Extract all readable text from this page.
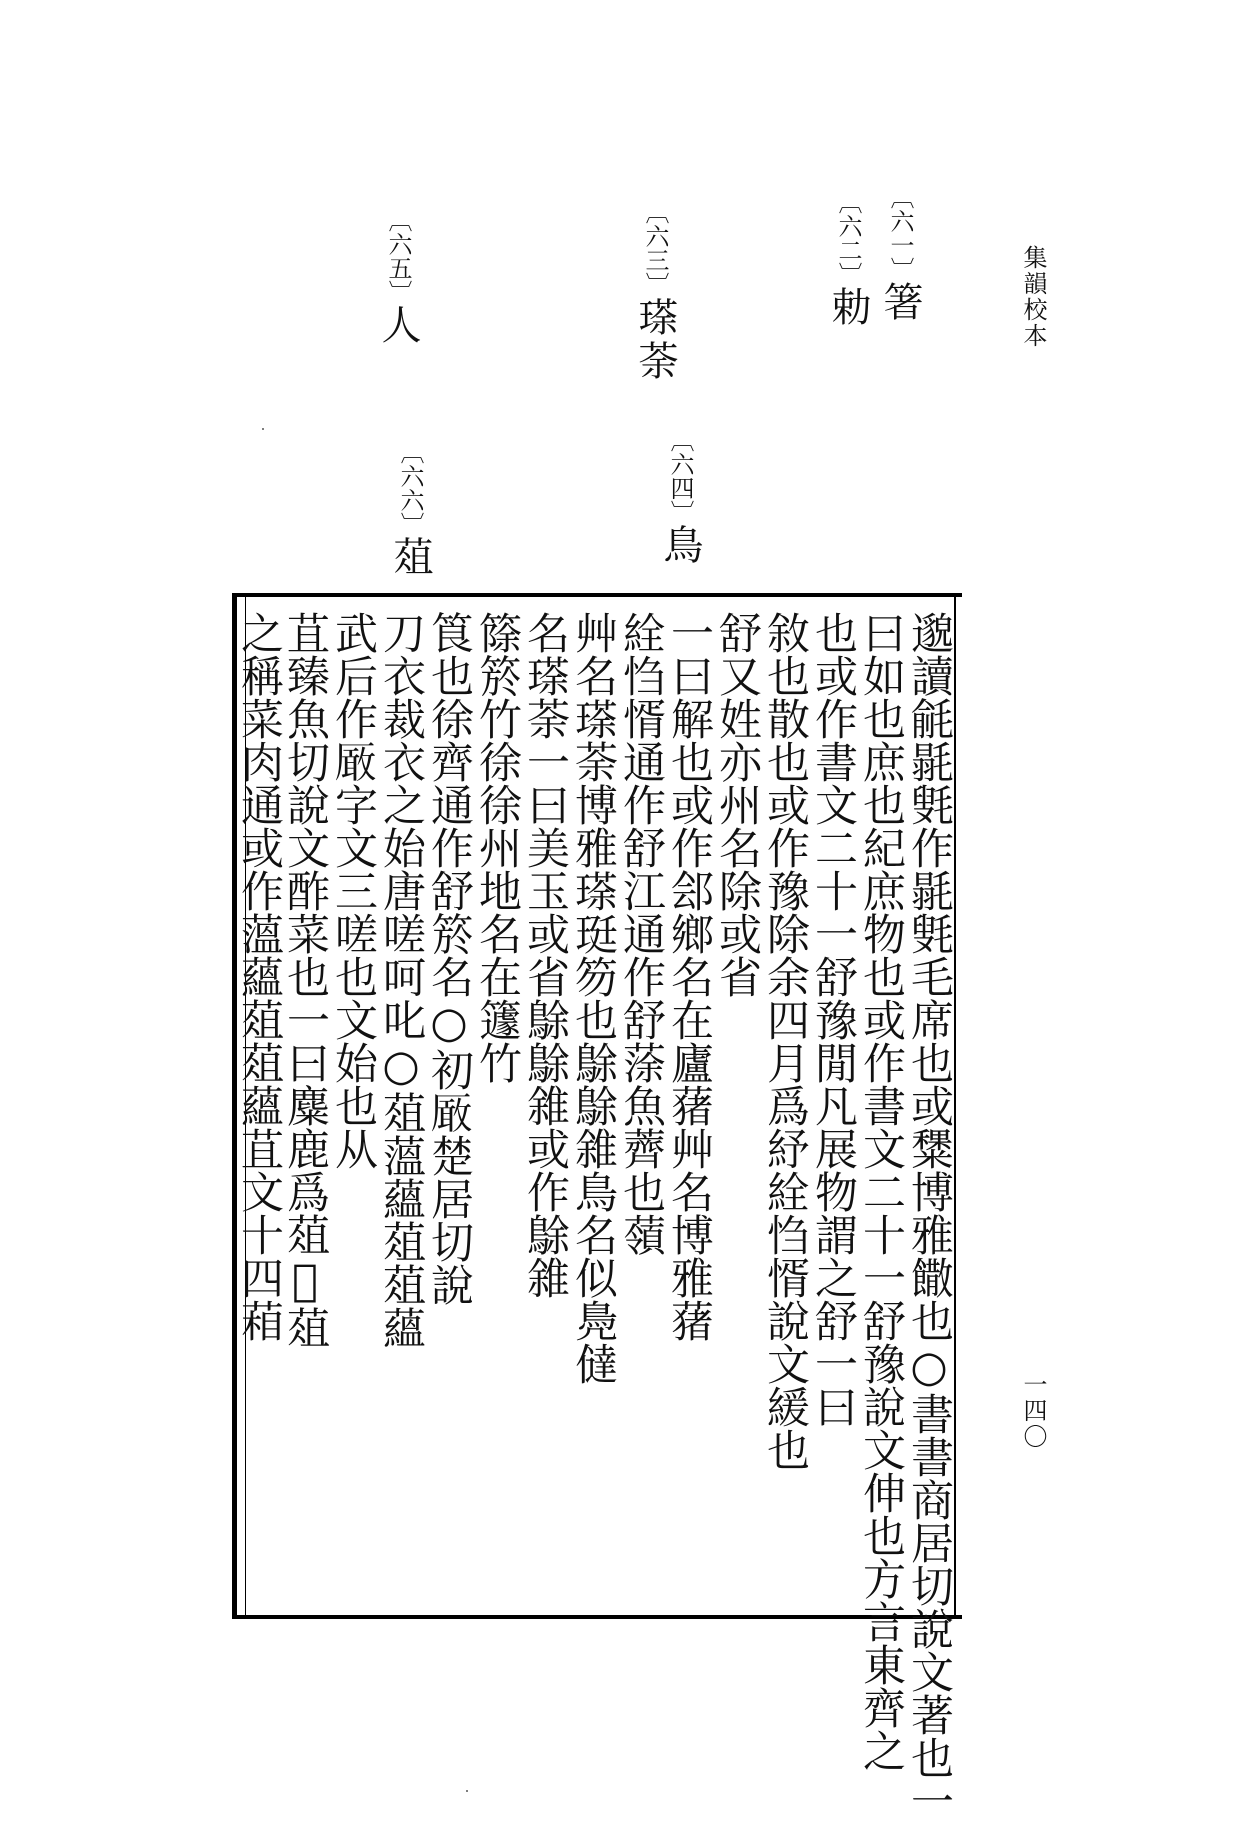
集韻校本
一四〇
〔六一〕箸
〔六二〕勅
〔六三〕瑹荼
〔六四〕鳥
〔六五〕人
〔六六〕葅
邈讀毹毾㲣作毾㲣毛席也或䊬博雅饊也○書書商居切說文著也一
曰如也庶也紀庶物也或作書文二十一舒豫說文伸也方言東齊之
也或作書文二十一舒豫閒凡展物謂之舒一曰
敘也散也或作豫除余四月爲紓絟㤘㥠說文緩也
舒又姓亦州名除或省
一曰解也或作郐鄉名在廬蕏艸名博雅蕏
絟㤘㥠通作舒江通作舒蒤魚薺也䕘
艸名瑹荼博雅瑹珽笏也鵌鵌雓鳥名似鳧㒓
名瑹荼一曰美玉或省鵌鵌雓或作鵌雓
篨箊竹徐徐州地名在籧竹
筤也徐齊通作舒箊名○初𠪚楚居切說
刀衣裁衣之始唐嗟呵叱○葅薀蘊葅葅蘊
武后作𠪚字文三嗟也文始也从
苴臻魚切說文酢菜也一曰麋鹿爲葅𧆍葅
之稱菜肉通或作薀蘊葅葅蘊苴文十四葙
